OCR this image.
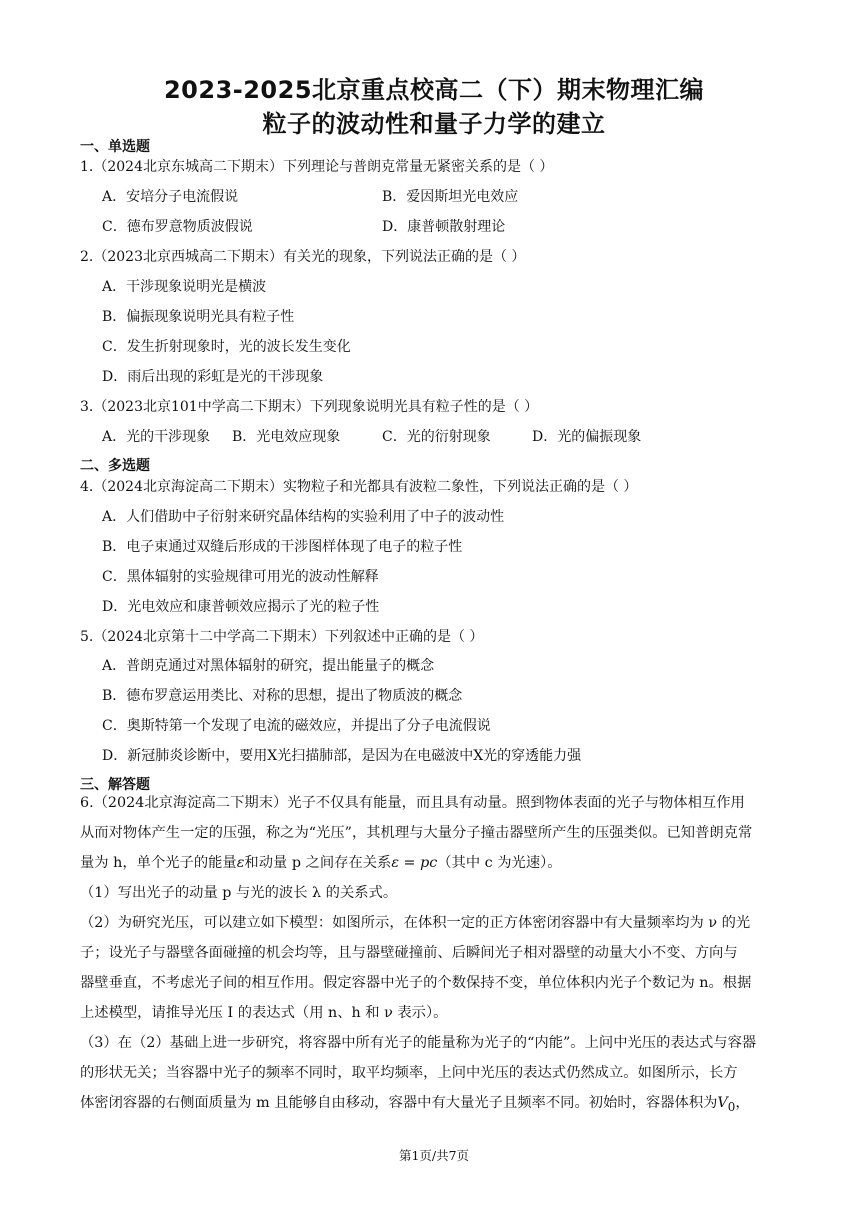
2023-2025北京重点校高二（下）期末物理汇编
粒子的波动性和量子力学的建立
一、单选题
1.（2024北京东城高二下期末）下列理论与普朗克常量无紧密关系的是（ ）
A．安培分子电流假说	B．爱因斯坦光电效应
C．德布罗意物质波假说	D．康普顿散射理论
2.（2023北京西城高二下期末）有关光的现象，下列说法正确的是（ ）
A．干涉现象说明光是横波
B．偏振现象说明光具有粒子性
C．发生折射现象时，光的波长发生变化
D．雨后出现的彩虹是光的干涉现象
3.（2023北京101中学高二下期末）下列现象说明光具有粒子性的是（ ）
A．光的干涉现象 B．光电效应现象	C．光的衍射现象	D．光的偏振现象
二、多选题
4.（2024北京海淀高二下期末）实物粒子和光都具有波粒二象性，下列说法正确的是（ ）
A．人们借助中子衍射来研究晶体结构的实验利用了中子的波动性
B．电子束通过双缝后形成的干涉图样体现了电子的粒子性
C．黑体辐射的实验规律可用光的波动性解释
D．光电效应和康普顿效应揭示了光的粒子性
5.（2024北京第十二中学高二下期末）下列叙述中正确的是（ ）
A．普朗克通过对黑体辐射的研究，提出能量子的概念
B．德布罗意运用类比、对称的思想，提出了物质波的概念
C．奥斯特第一个发现了电流的磁效应，并提出了分子电流假说
D．新冠肺炎诊断中，要用X光扫描肺部，是因为在电磁波中X光的穿透能力强
三、解答题
6.（2024北京海淀高二下期末）光子不仅具有能量，而且具有动量。照到物体表面的光子与物体相互作用
从而对物体产生一定的压强，称之为“光压”，其机理与大量分子撞击器壁所产生的压强类似。已知普朗克常
量为 h，单个光子的能量ε和动量 p 之间存在关系ε = pc（其中 c 为光速）。
（1）写出光子的动量 p 与光的波长 λ 的关系式。
（2）为研究光压，可以建立如下模型：如图所示，在体积一定的正方体密闭容器中有大量频率均为 ν 的光
子；设光子与器壁各面碰撞的机会均等，且与器壁碰撞前、后瞬间光子相对器壁的动量大小不变、方向与
器壁垂直，不考虑光子间的相互作用。假定容器中光子的个数保持不变，单位体积内光子个数记为 n。根据
上述模型，请推导光压 I 的表达式（用 n、h 和 ν 表示）。
（3）在（2）基础上进一步研究，将容器中所有光子的能量称为光子的“内能”。上问中光压的表达式与容器
的形状无关；当容器中光子的频率不同时，取平均频率，上问中光压的表达式仍然成立。如图所示，长方
体密闭容器的右侧面质量为 m 且能够自由移动，容器中有大量光子且频率不同。初始时，容器体积为$V_0$，
第1页/共7页
